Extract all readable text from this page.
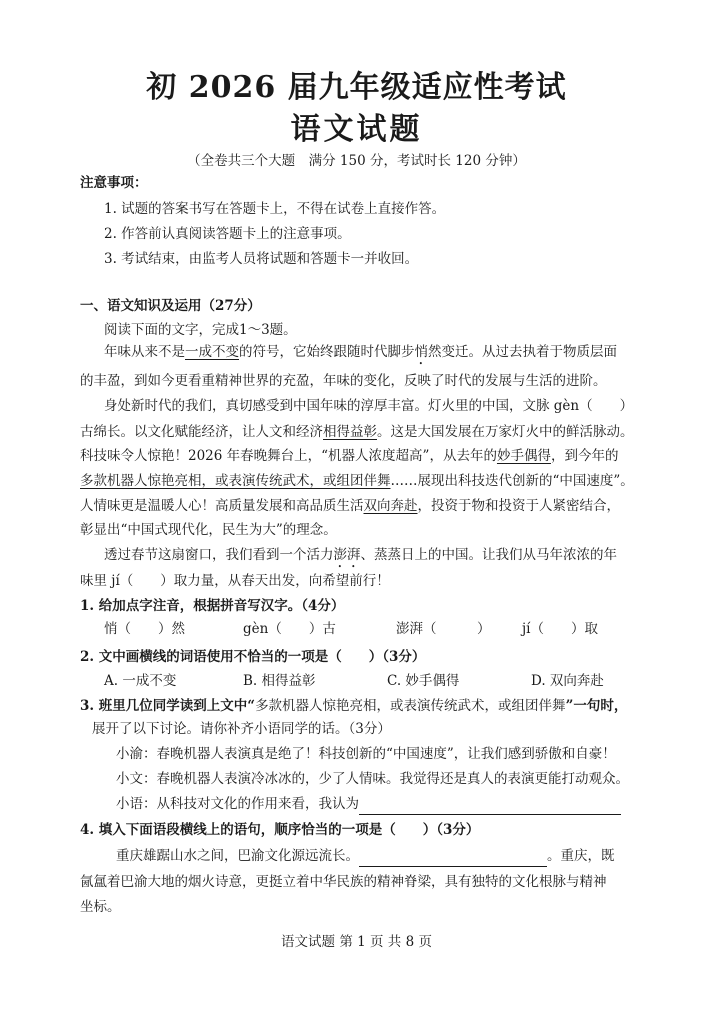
初 2026 届九年级适应性考试
语文试题
（全卷共三个大题　满分 150 分，考试时长 120 分钟）
注意事项：
1. 试题的答案书写在答题卡上，不得在试卷上直接作答。
2. 作答前认真阅读答题卡上的注意事项。
3. 考试结束，由监考人员将试题和答题卡一并收回。
一、语文知识及运用（27分）
阅读下面的文字，完成1～3题。
年味从来不是一成不变的符号，它始终跟随时代脚步悄然变迁。从过去执着于物质层面
的丰盈，到如今更看重精神世界的充盈，年味的变化，反映了时代的发展与生活的进阶。
身处新时代的我们，真切感受到中国年味的淳厚丰富。灯火里的中国，文脉 gèn（　　）
古绵长。以文化赋能经济，让人文和经济相得益彰。这是大国发展在万家灯火中的鲜活脉动。
科技味令人惊艳！2026 年春晚舞台上，“机器人浓度超高”，从去年的妙手偶得，到今年的
多款机器人惊艳亮相，或表演传统武术，或组团伴舞……展现出科技迭代创新的“中国速度”。
人情味更是温暖人心！高质量发展和高品质生活双向奔赴，投资于物和投资于人紧密结合，
彰显出“中国式现代化，民生为大”的理念。
透过春节这扇窗口，我们看到一个活力澎湃、蒸蒸日上的中国。让我们从马年浓浓的年
味里 jí（　　）取力量，从春天出发，向希望前行！
1. 给加点字注音，根据拼音写汉字。（4分）
悄（　　）然	gèn（　　）古	澎湃（　　　） jí（　　）取
2. 文中画横线的词语使用不恰当的一项是（　　）（3分）
A. 一成不变	B. 相得益彰	C. 妙手偶得	D. 双向奔赴
3. 班里几位同学读到上文中“多款机器人惊艳亮相，或表演传统武术，或组团伴舞”一句时，
展开了以下讨论。请你补齐小语同学的话。（3分）
小渝：春晚机器人表演真是绝了！科技创新的“中国速度”，让我们感到骄傲和自豪！
小文：春晚机器人表演冷冰冰的，少了人情味。我觉得还是真人的表演更能打动观众。
小语：从科技对文化的作用来看，我认为
4. 填入下面语段横线上的语句，顺序恰当的一项是（　　）（3分）
重庆雄踞山水之间，巴渝文化源远流长。	。重庆，既
氤氲着巴渝大地的烟火诗意，更挺立着中华民族的精神脊梁，具有独特的文化根脉与精神
坐标。
语文试题 第 1 页 共 8 页
